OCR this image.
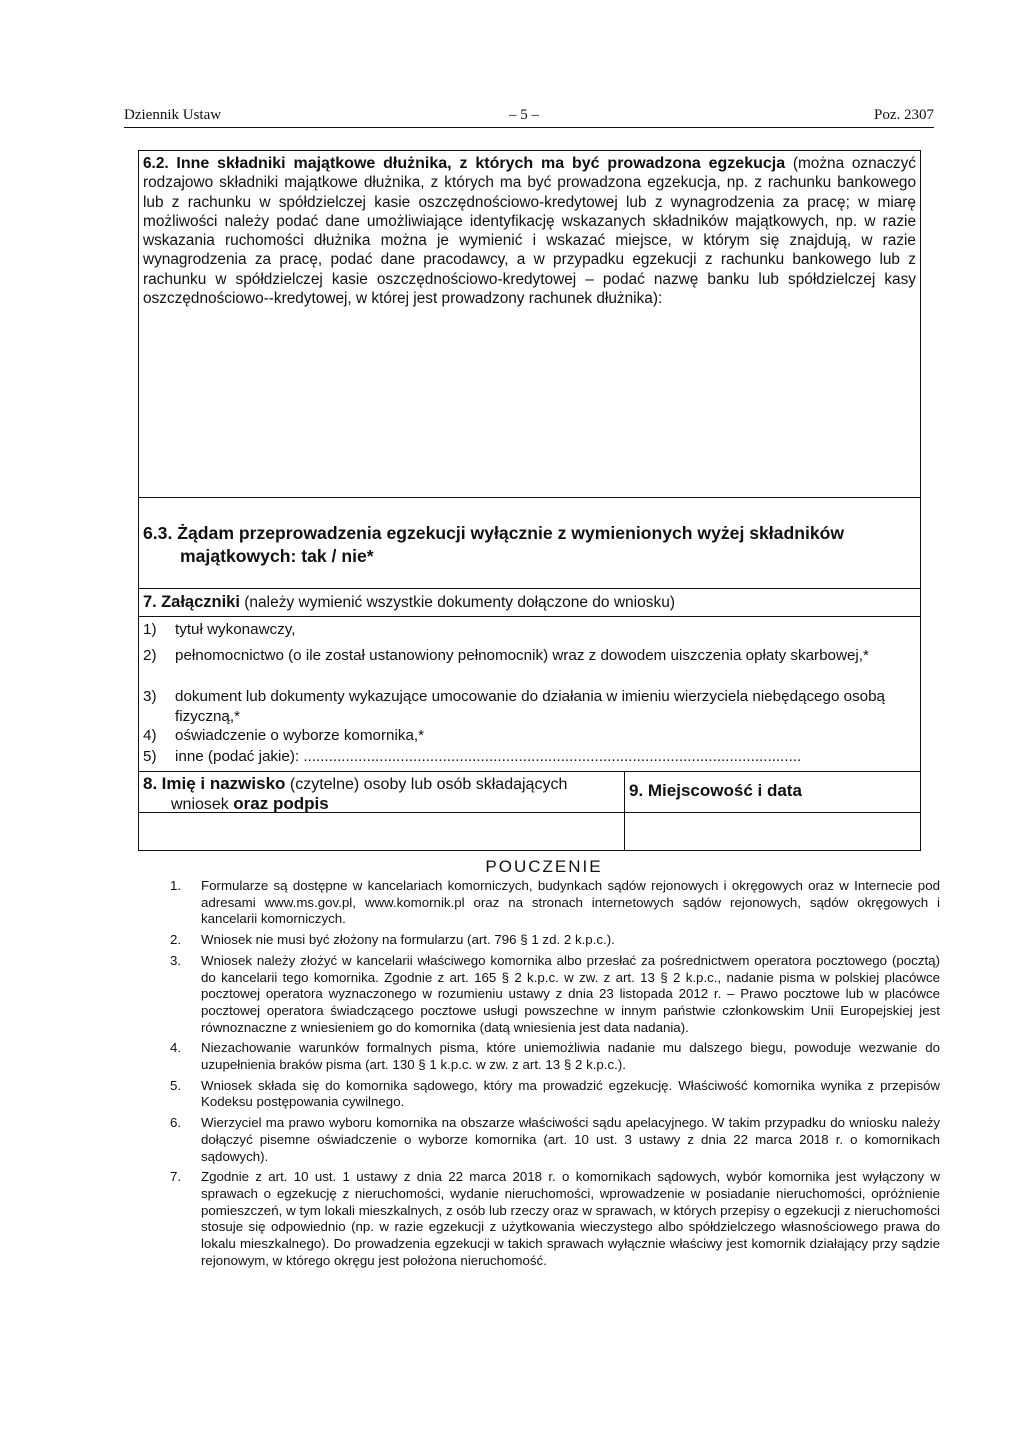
Dziennik Ustaw	– 5 –	Poz. 2307

6.2. Inne składniki majątkowe dłużnika, z których ma być prowadzona egzekucja (można oznaczyć rodzajowo składniki majątkowe dłużnika, z których ma być prowadzona egzekucja, np. z rachunku bankowego lub z rachunku w spółdzielczej kasie oszczędnościowo-kredytowej lub z wynagrodzenia za pracę; w miarę możliwości należy podać dane umożliwiające identyfikację wskazanych składników majątkowych, np. w razie wskazania ruchomości dłużnika można je wymienić i wskazać miejsce, w którym się znajdują, w razie wynagrodzenia za pracę, podać dane pracodawcy, a w przypadku egzekucji z rachunku bankowego lub z rachunku w spółdzielczej kasie oszczędnościowo-kredytowej – podać nazwę banku lub spółdzielczej kasy oszczędnościowo--kredytowej, w której jest prowadzony rachunek dłużnika):

6.3. Żądam przeprowadzenia egzekucji wyłącznie z wymienionych wyżej składników
majątkowych: tak / nie*
7. Załączniki (należy wymienić wszystkie dokumenty dołączone do wniosku)
1) tytuł wykonawczy,
2) pełnomocnictwo (o ile został ustanowiony pełnomocnik) wraz z dowodem uiszczenia opłaty skarbowej,*
3) dokument lub dokumenty wykazujące umocowanie do działania w imieniu wierzyciela niebędącego osobą fizyczną,*
4) oświadczenie o wyborze komornika,*
5) inne (podać jakie): ......................................................................................................................
8. Imię i nazwisko (czytelne) osoby lub osób składających
wniosek oraz podpis
9. Miejscowość i data
POUCZENIE
1. Formularze są dostępne w kancelariach komorniczych, budynkach sądów rejonowych i okręgowych oraz w Internecie pod adresami www.ms.gov.pl, www.komornik.pl oraz na stronach internetowych sądów rejonowych, sądów okręgowych i kancelarii komorniczych.
2. Wniosek nie musi być złożony na formularzu (art. 796 § 1 zd. 2 k.p.c.).
3. Wniosek należy złożyć w kancelarii właściwego komornika albo przesłać za pośrednictwem operatora pocztowego (pocztą) do kancelarii tego komornika. Zgodnie z art. 165 § 2 k.p.c. w zw. z art. 13 § 2 k.p.c., nadanie pisma w polskiej placówce pocztowej operatora wyznaczonego w rozumieniu ustawy z dnia 23 listopada 2012 r. – Prawo pocztowe lub w placówce pocztowej operatora świadczącego pocztowe usługi powszechne w innym państwie członkowskim Unii Europejskiej jest równoznaczne z wniesieniem go do komornika (datą wniesienia jest data nadania).
4. Niezachowanie warunków formalnych pisma, które uniemożliwia nadanie mu dalszego biegu, powoduje wezwanie do uzupełnienia braków pisma (art. 130 § 1 k.p.c. w zw. z art. 13 § 2 k.p.c.).
5. Wniosek składa się do komornika sądowego, który ma prowadzić egzekucję. Właściwość komornika wynika z przepisów Kodeksu postępowania cywilnego.
6. Wierzyciel ma prawo wyboru komornika na obszarze właściwości sądu apelacyjnego. W takim przypadku do wniosku należy dołączyć pisemne oświadczenie o wyborze komornika (art. 10 ust. 3 ustawy z dnia 22 marca 2018 r. o komornikach sądowych).
7. Zgodnie z art. 10 ust. 1 ustawy z dnia 22 marca 2018 r. o komornikach sądowych, wybór komornika jest wyłączony w sprawach o egzekucję z nieruchomości, wydanie nieruchomości, wprowadzenie w posiadanie nieruchomości, opróżnienie pomieszczeń, w tym lokali mieszkalnych, z osób lub rzeczy oraz w sprawach, w których przepisy o egzekucji z nieruchomości stosuje się odpowiednio (np. w razie egzekucji z użytkowania wieczystego albo spółdzielczego własnościowego prawa do lokalu mieszkalnego). Do prowadzenia egzekucji w takich sprawach wyłącznie właściwy jest komornik działający przy sądzie rejonowym, w którego okręgu jest położona nieruchomość.
